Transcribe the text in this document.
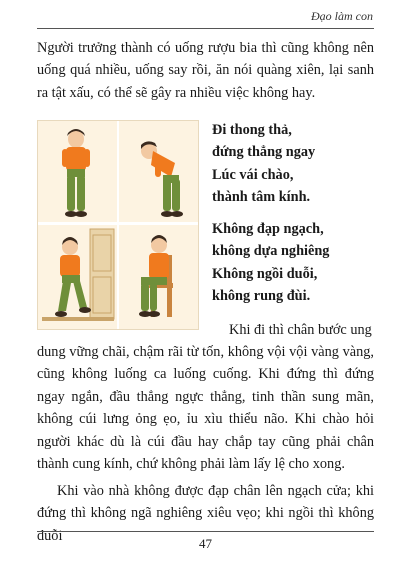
Đạo làm con

Người trưởng thành có uống rượu bia thì cũng không nên uống quá nhiều, uống say rồi, ăn nói quàng xiên, lại sanh ra tật xấu, có thể sẽ gây ra nhiều việc không hay.

Đi thong thả,
đứng thẳng ngay
Lúc vái chào,
thành tâm kính.
Không đạp ngạch,
không dựa nghiêng
Không ngồi duỗi,
không rung đùi.
Khi đi thì chân bước ung

dung vững chãi, chậm rãi từ tốn, không vội vội vàng vàng, cũng không luống ca luống cuống. Khi đứng thì đứng ngay ngắn, đầu thẳng ngực thẳng, tinh thần sung mãn, không cúi lưng ỏng ẹo, ỉu xìu thiểu não. Khi chào hỏi người khác dù là cúi đầu hay chắp tay cũng phải chân thành cung kính, chứ không phải làm lấy lệ cho xong.

Khi vào nhà không được đạp chân lên ngạch cửa; khi đứng thì không ngã nghiêng xiêu vẹo; khi ngồi thì không duỗi	47
